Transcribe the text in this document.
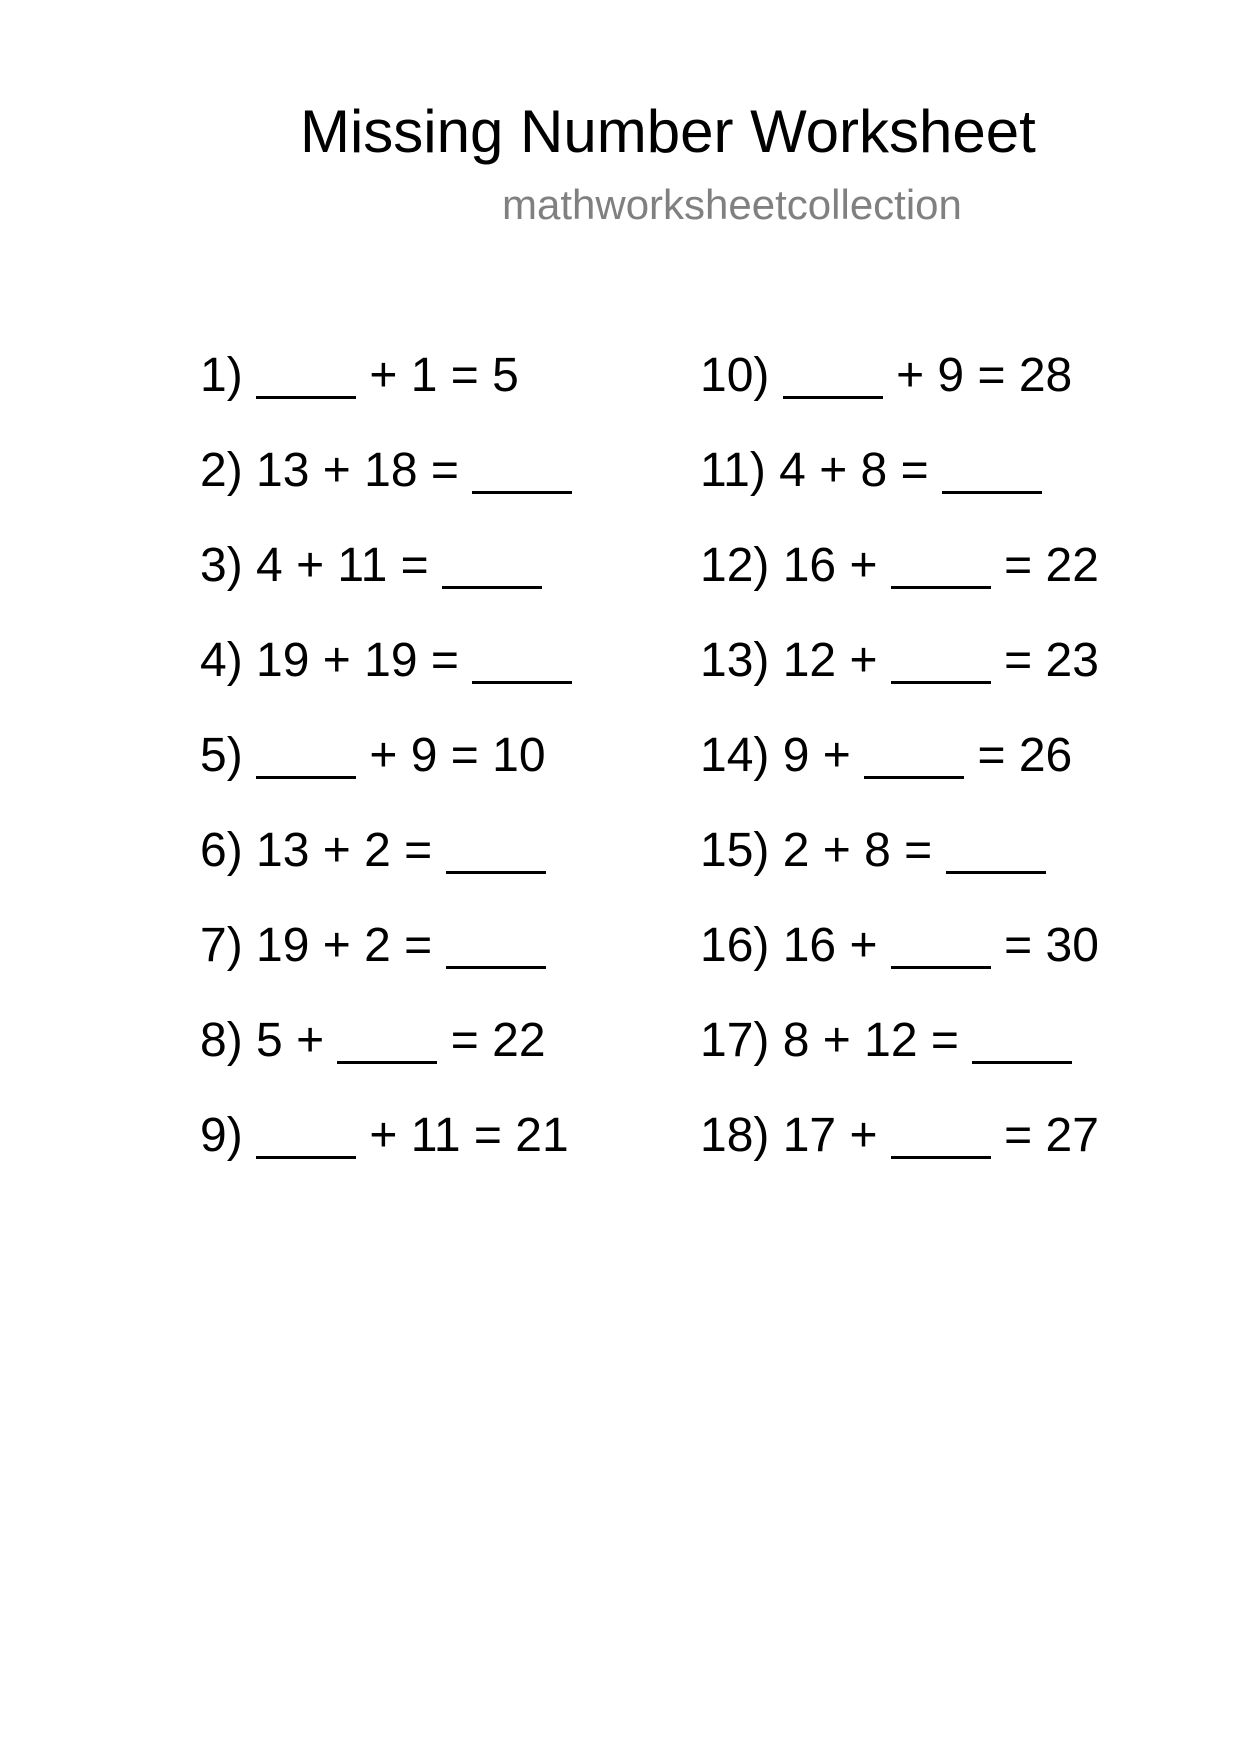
Missing Number Worksheet
mathworksheetcollection
1)	+ 1 = 5
2) 13 + 18 =
3) 4 + 11 =
4) 19 + 19 =
5)	+ 9 = 10
6) 13 + 2 =
7) 19 + 2 =
8) 5 +	= 22
9)	+ 11 = 21
10)	+ 9 = 28
11) 4 + 8 =
12) 16 +	= 22
13) 12 +	= 23
14) 9 +	= 26
15) 2 + 8 =
16) 16 +	= 30
17) 8 + 12 =
18) 17 +	= 27
